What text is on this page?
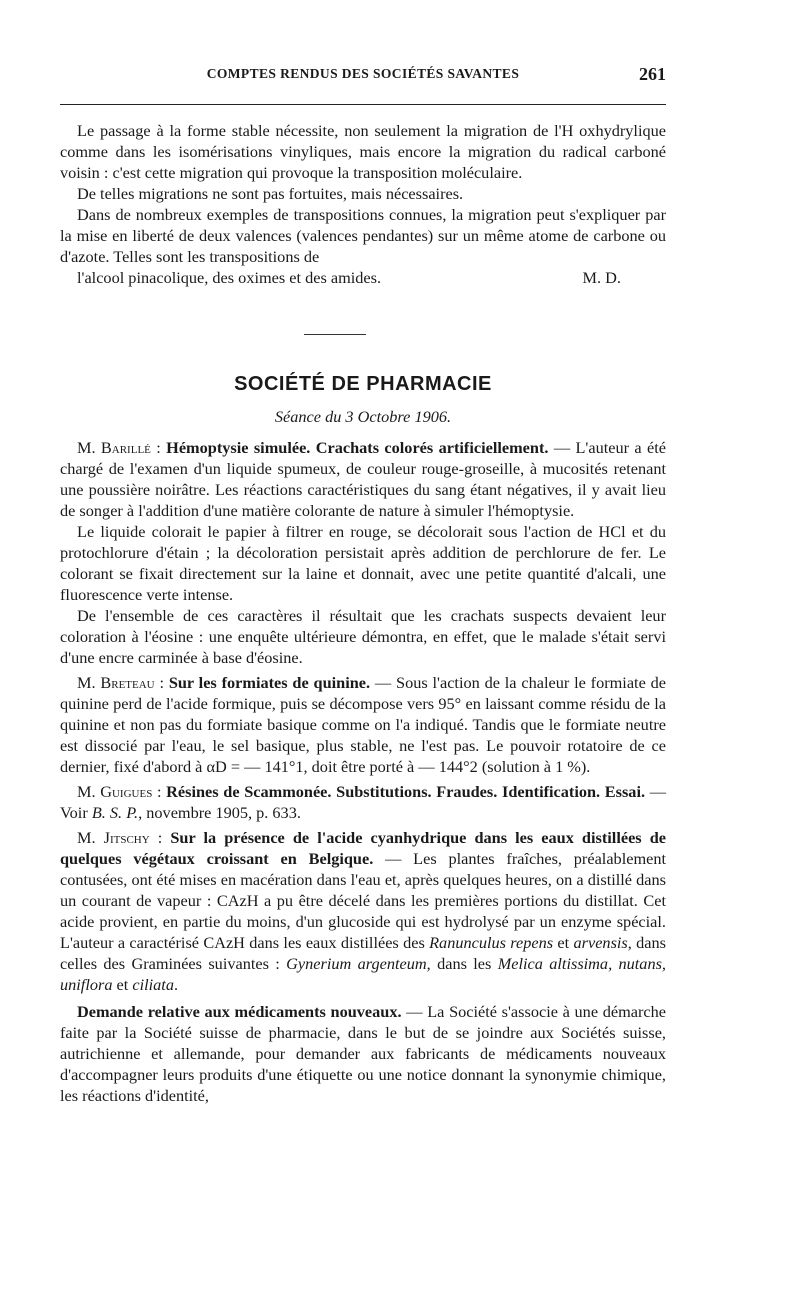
COMPTES RENDUS DES SOCIÉTÉS SAVANTES	261

Le passage à la forme stable nécessite, non seulement la migration de l'H oxhydrylique comme dans les isomérisations vinyliques, mais encore la migration du radical carboné voisin : c'est cette migration qui provoque la transposition moléculaire.

De telles migrations ne sont pas fortuites, mais nécessaires.

Dans de nombreux exemples de transpositions connues, la migration peut s'expliquer par la mise en liberté de deux valences (valences pendantes) sur un même atome de carbone ou d'azote. Telles sont les transpositions de
l'alcool pinacolique, des oximes et des amides.	M. D.

SOCIÉTÉ DE PHARMACIE
Séance du 3 Octobre 1906.

M. Barillé : Hémoptysie simulée. Crachats colorés artificiellement. — L'auteur a été chargé de l'examen d'un liquide spumeux, de couleur rouge-groseille, à mucosités retenant une poussière noirâtre. Les réactions caractéristiques du sang étant négatives, il y avait lieu de songer à l'addition d'une matière colorante de nature à simuler l'hémoptysie.

Le liquide colorait le papier à filtrer en rouge, se décolorait sous l'action de HCl et du protochlorure d'étain ; la décoloration persistait après addition de perchlorure de fer. Le colorant se fixait directement sur la laine et donnait, avec une petite quantité d'alcali, une fluorescence verte intense.

De l'ensemble de ces caractères il résultait que les crachats suspects devaient leur coloration à l'éosine : une enquête ultérieure démontra, en effet, que le malade s'était servi d'une encre carminée à base d'éosine.

M. Breteau : Sur les formiates de quinine. — Sous l'action de la chaleur le formiate de quinine perd de l'acide formique, puis se décompose vers 95° en laissant comme résidu de la quinine et non pas du formiate basique comme on l'a indiqué. Tandis que le formiate neutre est dissocié par l'eau, le sel basique, plus stable, ne l'est pas. Le pouvoir rotatoire de ce dernier, fixé d'abord à αD = — 141°1, doit être porté à — 144°2 (solution à 1 %).

M. Guigues : Résines de Scammonée. Substitutions. Fraudes. Identification. Essai. — Voir B. S. P., novembre 1905, p. 633.

M. Jitschy : Sur la présence de l'acide cyanhydrique dans les eaux distillées de quelques végétaux croissant en Belgique. — Les plantes fraîches, préalablement contusées, ont été mises en macération dans l'eau et, après quelques heures, on a distillé dans un courant de vapeur : CAzH a pu être décelé dans les premières portions du distillat. Cet acide provient, en partie du moins, d'un glucoside qui est hydrolysé par un enzyme spécial. L'auteur a caractérisé CAzH dans les eaux distillées des Ranunculus repens et arvensis, dans celles des Graminées suivantes : Gynerium argenteum, dans les Melica altissima, nutans, uniflora et ciliata.

Demande relative aux médicaments nouveaux. — La Société s'associe à une démarche faite par la Société suisse de pharmacie, dans le but de se joindre aux Sociétés suisse, autrichienne et allemande, pour demander aux fabricants de médicaments nouveaux d'accompagner leurs produits d'une étiquette ou une notice donnant la synonymie chimique, les réactions d'identité,
